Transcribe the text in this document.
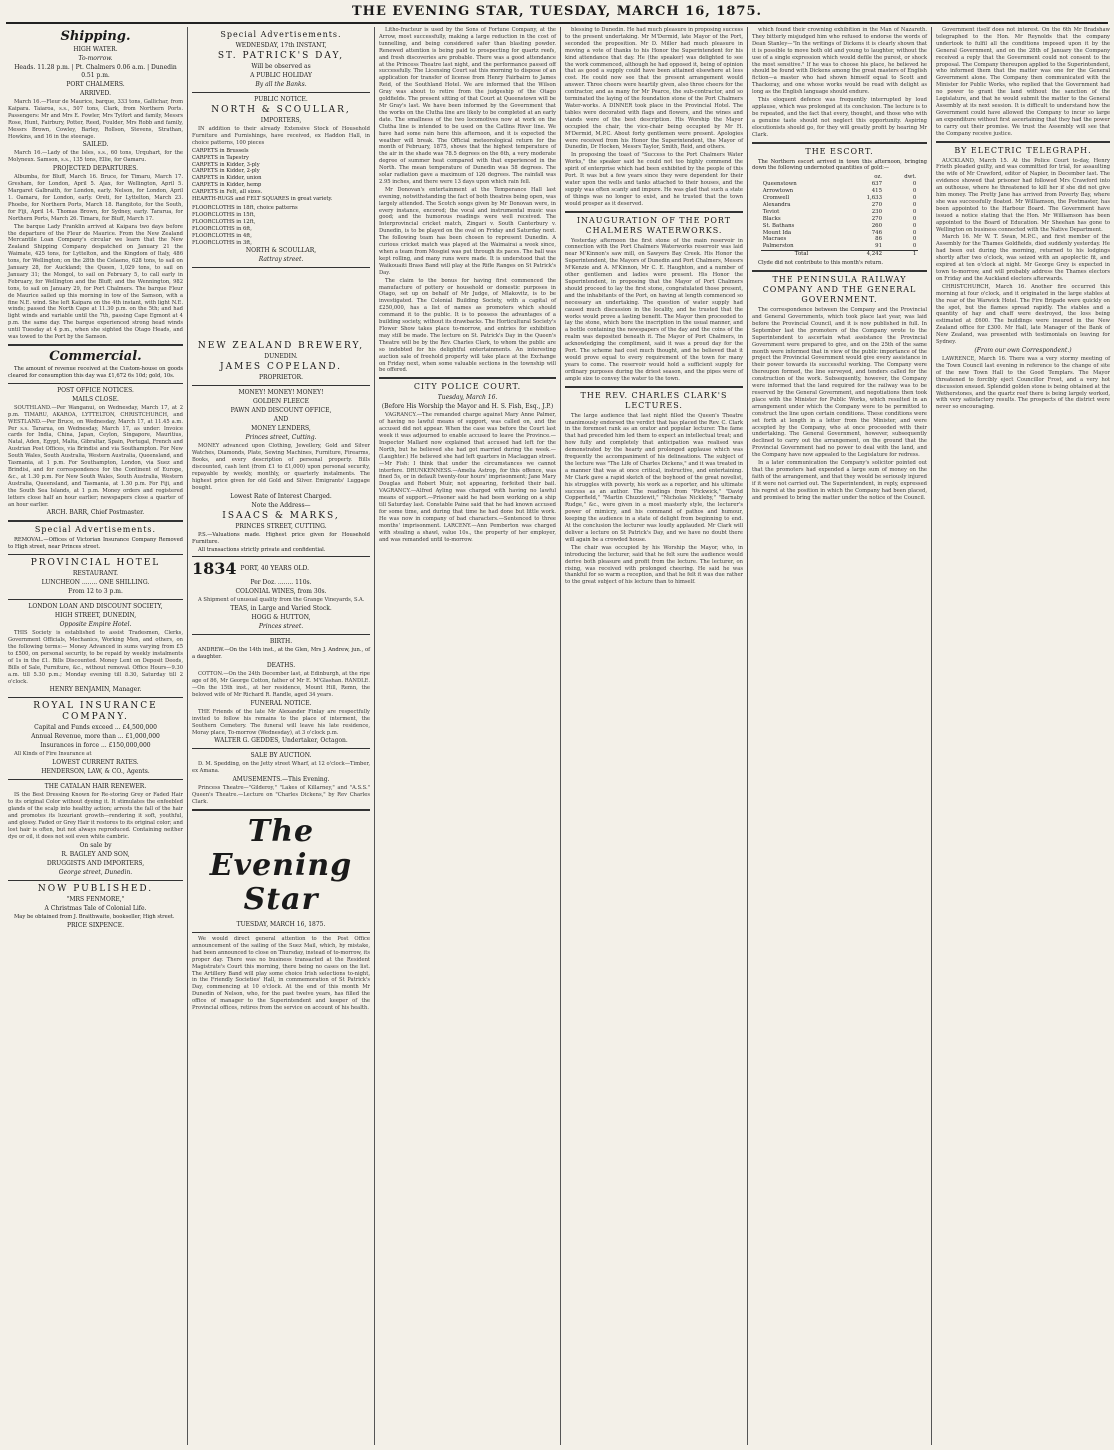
THE EVENING STAR, TUESDAY, MARCH 16, 1875.
Shipping.
HIGH WATER.
To-morrow.
Heads. 11.28 p.m. | Pt. Chalmers 0.06 a.m. | Dunedin 0.51 p.m.
PORT CHALMERS.
ARRIVED.

March 16.—Fleur de Maurice, barque, 333 tons, Gallichar, from Kaipara. Taiaroa, s.s., 507 tons, Clark, from Northern Ports. Passengers: Mr and Mrs E. Fowler, Mrs Tylfort and family, Messrs Rose, Hunt, Fairbury, Potter, Reed, Foulder, Mrs Robb and family, Messrs Brown, Cowley, Barley, Rollson, Stevens, Strathan, Howkins, and 16 in the steerage.

SAILED.

March 16.—Lady of the Isles, s.s., 60 tons, Urquhart, for the Molyneux. Samson, s.s., 135 tons, Ellie, for Oamaru.

PROJECTED DEPARTURES.

Albumba, for Bluff, March 16. Bruce, for Timaru, March 17. Gresham, for London, April 5. Ajax, for Wellington, April 5. Margaret Galbraith, for London, early. Nelson, for London, April 1. Oamaru, for London, early. Oreti, for Lyttelton, March 23. Phoebe, for Northern Ports, March 18. Rangitoto, for the South, for Fiji, April 14. Thomas Brown, for Sydney, early. Tararua, for Northern Ports, March 26. Timaru, for Bluff, March 17.

The barque Lady Franklin arrived at Kaipara two days before the departure of the Fleur de Maurice. From the New Zealand Mercantile Loan Company's circular we learn that the New Zealand Shipping Company despatched on January 21 the Waimate, 425 tons, for Lyttelton, and the Kingdom of Italy, 486 tons, for Wellington; on the 28th the Celaeno, 628 tons, to sail on January 28, for Auckland; the Queen, 1,029 tons, to sail on January 31; the Mongol, to sail on February 5, to call early in February, for Wellington and the Bluff; and the Wennington, 982 tons, to sail on January 29, for Port Chalmers. The barque Fleur de Maurice sailed up this morning in tow of the Samson, with a fine N.E. wind. She left Kaipara on the 4th instant, with light N.E. winds; passed the North Cape at 11.30 p.m. on the 5th; and had light winds and variable until the 7th, passing Cape Egmont at 4 p.m. the same day. The barque experienced strong head winds until Tuesday at 4 p.m., when she sighted the Otago Heads, and was towed to the Port by the Samson.

Commercial.

The amount of revenue received at the Custom-house on goods cleared for consumption this day was £1,672 6s 10d; gold, 10s.

POST OFFICE NOTICES.
MAILS CLOSE.

SOUTHLAND.—Per Wanganui, on Wednesday, March 17, at 2 p.m. TIMARU, AKAROA, LYTTELTON, CHRISTCHURCH, and WESTLAND.—Per Bruce, on Wednesday, March 17, at 11.45 a.m. Per s.s. Tararua, on Wednesday, March 17, as under: Invoice cards for India, China, Japan, Ceylon, Singapore, Mauritius, Natal, Aden, Egypt, Malta, Gibraltar, Spain, Portugal, French and Austrian Post Offices, via Brindisi and via Southampton. For New South Wales, South Australia, Western Australia, Queensland, and Tasmania, at 1 p.m. For Southampton, London, via Suez and Brindisi, and for correspondence for the Continent of Europe, &c., at 1.30 p.m. For New South Wales, South Australia, Western Australia, Queensland, and Tasmania, at 1.30 p.m. For Fiji, and the South Sea Islands, at 1 p.m. Money orders and registered letters close half an hour earlier; newspapers close a quarter of an hour earlier.

ARCH. BARR, Chief Postmaster.
Special Advertisements.

REMOVAL.—Offices of Victorian Insurance Company Removed to High street, near Princes street.

PROVINCIAL HOTEL
RESTAURANT.
LUNCHEON ........ ONE SHILLING.
From 12 to 3 p.m.
LONDON LOAN AND DISCOUNT SOCIETY,
HIGH STREET, DUNEDIN,
Opposite Empire Hotel.

THIS Society is established to assist Tradesmen, Clerks, Government Officials, Mechanics, Working Men, and others, on the following terms:— Money Advanced in sums varying from £5 to £500, on personal security, to be repaid by weekly instalments of 1s in the £1. Bills Discounted. Money Lent on Deposit Deeds, Bills of Sale, Furniture, &c., without removal. Office Hours—9.30 a.m. till 5.30 p.m.; Monday evening till 8.30, Saturday till 2 o'clock.

HENRY BENJAMIN, Manager.
ROYAL INSURANCE COMPANY.
Capital and Funds exceed ... £4,500,000
Annual Revenue, more than ... £1,000,000
Insurances in force ... £150,000,000

All Kinds of Fire Insurance at

LOWEST CURRENT RATES.
HENDERSON, LAW, & CO., Agents.
THE CATALAN HAIR RENEWER.

IS the Best Dressing Known for Re-storing Grey or Faded Hair to its original Color without dyeing it. It stimulates the enfeebled glands of the scalp into healthy action; arrests the fall of the hair and promotes its luxuriant growth—rendering it soft, youthful, and glossy. Faded or Grey Hair it restores to its original color; and lost hair is often, but not always reproduced. Containing neither dye or oil, it does not soil even white cambric.

On sale by
R. BAGLEY AND SON,
DRUGGISTS AND IMPORTERS,
George street, Dunedin.
NOW PUBLISHED.
"MRS FENMORE,"
A Christmas Tale of Colonial Life.

May be obtained from J. Braithwaite, bookseller, High street.

PRICE SIXPENCE.
Special Advertisements.
WEDNESDAY, 17th INSTANT,
ST. PATRICK'S DAY,
Will be observed as
A PUBLIC HOLIDAY
By all the Banks.
PUBLIC NOTICE.
NORTH & SCOULLAR,
IMPORTERS,

IN addition to their already Extensive Stock of Household Furniture and Furnishings, have received, ex Haddon Hall, in choice patterns, 100 pieces

CARPETS in Brussels
CARPETS in Tapestry
CARPETS in Kidder, 3-ply
CARPETS in Kidder, 2-ply
CARPETS in Kidder, union
CARPETS in Kidder, hemp
CARPETS in Felt, all sizes.
HEARTH-RUGS and FELT SQUARES in great variety.
FLOORCLOTHS in 18ft, choice patterns
FLOORCLOTHS in 15ft,
FLOORCLOTHS in 12ft,
FLOORCLOTHS in 6ft,
FLOORCLOTHS in 4ft,
FLOORCLOTHS in 3ft,
NORTH & SCOULLAR,
Rattray street.
NEW ZEALAND BREWERY,
DUNEDIN.
JAMES COPELAND.
PROPRIETOR.
MONEY! MONEY! MONEY!
GOLDEN FLEECE
PAWN AND DISCOUNT OFFICE,
AND
MONEY LENDERS,
Princes street, Cutting.

MONEY advanced upon Clothing, Jewellery, Gold and Silver Watches, Diamonds, Plate, Sewing Machines, Furniture, Firearms, Books, and every description of personal property. Bills discounted, cash lent (from £1 to £1,000) upon personal security, repayable by weekly, monthly, or quarterly instalments. The highest price given for old Gold and Silver. Emigrants' Luggage bought.

Lowest Rate of Interest Charged.
Note the Address—
ISAACS & MARKS,
PRINCES STREET, CUTTING.

P.S.—Valuations made. Highest price given for Household Furniture.

All transactions strictly private and confidential.

1834 PORT, 40 YEARS OLD.
Per Doz. ........ 110s.
COLONIAL WINES, from 30s.

A Shipment of unusual quality from the Grange Vineyards, S.A.

TEAS, in Large and Varied Stock.
HOGG & HUTTON,
Princes street.
BIRTH.

ANDREW.—On the 14th inst., at the Glen, Mrs J. Andrew, jun., of a daughter.

DEATHS.

COTTON.—On the 24th December last, at Edinburgh, at the ripe age of 86, Mr George Cotton, father of Mr E. M'Glashan. RANDLE.—On the 15th inst., at her residence, Mount Hill, Remn, the beloved wife of Mr Richard R. Randle, aged 34 years.

FUNERAL NOTICE.

THE Friends of the late Mr Alexander Finlay are respectfully invited to follow his remains to the place of interment, the Southern Cemetery. The funeral will leave his late residence, Moray place, To-morrow (Wednesday), at 3 o'clock p.m.

WALTER G. GEDDES, Undertaker, Octagon.
SALE BY AUCTION.

D. M. Spedding, on the Jetty street Wharf, at 12 o'clock—Timber, ex Amana.

AMUSEMENTS.—This Evening.

Princess Theatre—"Gilderoy," "Lakes of Killarney," and "A.S.S." Queen's Theatre.—Lecture on "Charles Dickens," by Rev Charles Clark.

The Evening Star
TUESDAY, MARCH 16, 1875.

We would direct general attention to the Post Office announcement of the sailing of the Suez Mail, which, by mistake, had been announced to close on Thursday, instead of to-morrow, its proper day. There was no business transacted at the Resident Magistrate's Court this morning, there being no cases on the list. The Artillery Band will play some choice Irish selections to-night, in the Friendly Societies' Hall, in commemoration of St Patrick's Day, commencing at 10 o'clock. At the end of this month Mr Dunedin of Nelson, who, for the past twelve years, has filled the office of manager to the Superintendent and keeper of the Provincial offices, retires from the service on account of his health.

Litho-fracteur is used by the Sons of Fortune Company, at the Arrow, most successfully, making a large reduction in the cost of tunnelling, and being considered safer than blasting powder. Renewed attention is being paid to prospecting for quartz reefs, and fresh discoveries are probable. There was a good attendance at the Princess Theatre last night, and the performance passed off successfully. The Licensing Court sat this morning to dispose of an application for transfer of license from Henry Fairbairn to James Reid, of the Southland Hotel. We are informed that the Wilson Gray was about to retire from the judgeship of the Otago goldfields. The present sitting of that Court at Queenstown will be Mr Gray's last. We have been informed by the Government that the works on the Clutha line are likely to be completed at an early date. The smallness of the two locomotives now at work on the Clutha line is intended to be used on the Catlins River line. We have had some rain here this afternoon, and it is expected the weather will break. The Official meteorological return for the month of February, 1875, shows that the highest temperature of the air in the shade was 78.5 degrees on the 6th, a very moderate degree of summer heat compared with that experienced in the North. The mean temperature of Dunedin was 58 degrees. The solar radiation gave a maximum of 126 degrees. The rainfall was 2.95 inches, and there were 13 days upon which rain fell.

Mr Donovan's entertainment at the Temperance Hall last evening, notwithstanding the fact of both theatres being open, was largely attended. The Scotch songs given by Mr Donovan were, in every instance, encored; the vocal and instrumental music was good; and the humorous readings were well received. The Interprovincial cricket match, Zingari v. South Canterbury v. Dunedin, is to be played on the oval on Friday and Saturday next. The following team has been chosen to represent Dunedin. A curious cricket match was played at the Waimairai a week since, when a team from Mosgiel was put through its paces. The ball was kept rolling, and many runs were made. It is understood that the Waikouaiti Brass Band will play at the Rifle Ranges on St Patrick's Day.

The claim to the bonus for having first commenced the manufacture of pottery or household or domestic purposes in Otago, set up on behalf of Mr Judge, of Mlakovitz, is to be investigated. The Colonial Building Society, with a capital of £250,000, has a list of names as promoters which should command it to the public. It is to possess the advantages of a building society, without its drawbacks. The Horticultural Society's Flower Show takes place to-morrow, and entries for exhibition may still be made. The lecture on St. Patrick's Day in the Queen's Theatre will be by the Rev. Charles Clark, to whom the public are so indebted for his delightful entertainments. An interesting auction sale of freehold property will take place at the Exchange on Friday next, when some valuable sections in the township will be offered.

CITY POLICE COURT.
Tuesday, March 16.
(Before His Worship the Mayor and H. S. Fish, Esq., J.P.)

VAGRANCY.—The remanded charge against Mary Anne Palmer, of having no lawful means of support, was called on, and the accused did not appear. When the case was before the Court last week it was adjourned to enable accused to leave the Province.—Inspector Mallard now explained that accused had left for the North, but he believed she had got married during the week.—(Laughter.) He believed she had left quarters in Maclaggan street.—Mr Fish: I think that under the circumstances we cannot interfere. DRUNKENNESS.—Amelia Astrop, for this offence, was fined 5s, or in default twenty-four hours' imprisonment; Jane Mary Douglas and Robert Muir, not appearing, forfeited their bail. VAGRANCY.—Alfred Ayling was charged with having no lawful means of support.—Prisoner said he had been working on a ship till Saturday last. Constable Paine said that he had known accused for some time, and during that time he had done but little work. He was now in company of bad characters.—Sentenced to three months' imprisonment. LARCENY.—Ann Pemberton was charged with stealing a shawl, value 10s., the property of her employer, and was remanded until to-morrow.

blessing to Dunedin. He had much pleasure in proposing success to the present undertaking. Mr M'Dermid, late Mayor of the Port, seconded the proposition. Mr D. Miller had much pleasure in moving a vote of thanks to his Honor the Superintendent for his kind attendance that day. He (the speaker) was delighted to see the work commenced, although he had opposed it, being of opinion that as good a supply could have been attained elsewhere at less cost. He could now see that the present arrangement would answer. Three cheers were heartily given, also three cheers for the contractor, and as many for Mr Pearce, the sub-contractor, and so terminated the laying of the foundation stone of the Port Chalmers Water-works. A DINNER took place in the Provincial Hotel. The tables were decorated with flags and flowers, and the wines and viands were of the best description. His Worship the Mayor occupied the chair, the vice-chair being occupied by Mr H. M'Dermid, M.P.C. About forty gentlemen were present. Apologies were received from his Honor the Superintendent, the Mayor of Dunedin, Dr Hocken, Messrs Taylor, Smith, Reid, and others.

In proposing the toast of "Success to the Port Chalmers Water Works," the speaker said he could not too highly commend the spirit of enterprise which had been exhibited by the people of this Port. It was but a few years since they were dependent for their water upon the wells and tanks attached to their houses, and the supply was often scanty and impure. He was glad that such a state of things was no longer to exist, and he trusted that the town would prosper as it deserved.

INAUGURATION OF THE PORT CHALMERS WATERWORKS.

Yesterday afternoon the first stone of the main reservoir in connection with the Port Chalmers Waterworks reservoir was laid near M'Kinnon's saw mill, on Sawyers Bay Creek. His Honor the Superintendent, the Mayors of Dunedin and Port Chalmers, Messrs M'Kenzie and A. M'Kinnon, Mr C. E. Haughton, and a number of other gentlemen and ladies were present. His Honor the Superintendent, in proposing that the Mayor of Port Chalmers should proceed to lay the first stone, congratulated those present, and the inhabitants of the Port, on having at length commenced so necessary an undertaking. The question of water supply had caused much discussion in the locality, and he trusted that the works would prove a lasting benefit. The Mayor then proceeded to lay the stone, which bore the inscription in the usual manner, and a bottle containing the newspapers of the day and the coins of the realm was deposited beneath it. The Mayor of Port Chalmers, in acknowledging the compliment, said it was a proud day for the Port. The scheme had cost much thought, and he believed that it would prove equal to every requirement of the town for many years to come. The reservoir would hold a sufficient supply for ordinary purposes during the driest season, and the pipes were of ample size to convey the water to the town.

THE REV. CHARLES CLARK'S LECTURES.

The large audience that last night filled the Queen's Theatre unanimously endorsed the verdict that has placed the Rev. C. Clark in the foremost rank as an orator and popular lecturer. The fame that had preceded him led them to expect an intellectual treat; and how fully and completely that anticipation was realised was demonstrated by the hearty and prolonged applause which was frequently the accompaniment of his delineations. The subject of the lecture was "The Life of Charles Dickens," and it was treated in a manner that was at once critical, instructive, and entertaining. Mr Clark gave a rapid sketch of the boyhood of the great novelist, his struggles with poverty, his work as a reporter, and his ultimate success as an author. The readings from "Pickwick," "David Copperfield," "Martin Chuzzlewit," "Nicholas Nickleby," "Barnaby Rudge," &c., were given in a most masterly style, the lecturer's power of mimicry, and his command of pathos and humour, keeping the audience in a state of delight from beginning to end. At the conclusion the lecturer was loudly applauded. Mr Clark will deliver a lecture on St Patrick's Day, and we have no doubt there will again be a crowded house.

The chair was occupied by his Worship the Mayor, who, in introducing the lecturer, said that he felt sure the audience would derive both pleasure and profit from the lecture. The lecturer, on rising, was received with prolonged cheering. He said he was thankful for so warm a reception, and that he felt it was due rather to the great subject of his lecture than to himself.

which found their crowning exhibition in the Man of Nazareth. They bitterly misjudged him who refused to endorse the words of Dean Stanley—"In the writings of Dickens it is clearly shown that it is possible to move both old and young to laughter, without the use of a single expression which would defile the purest, or shock the most sensitive." If he was to choose his place, he believed he should be found with Dickens among the great masters of English fiction—a master who had shown himself equal to Scott and Thackeray, and one whose works would be read with delight as long as the English language should endure.

This eloquent defence was frequently interrupted by loud applause, which was prolonged at its conclusion. The lecture is to be repeated, and the fact that every, thought, and those who with a genuine taste should not neglect this opportunity. Aspiring elocutionists should go, for they will greatly profit by hearing Mr Clark.

THE ESCORT.

The Northern escort arrived in town this afternoon, bringing down the following undernoted quantities of gold:—

	oz.	dwt.
Queenstown	637	0
Arrowtown	415	0
Cromwell	1,633	0
Alexandra	270	0
Teviot	230	0
Blacks	270	0
St. Bathans	260	0
Mount Ida	746	0
Macraes	86	0
Palmerston	91	0
Total	4,242	1

Clyde did not contribute to this month's return.

THE PENINSULA RAILWAY COMPANY AND THE GENERAL GOVERNMENT.

The correspondence between the Company and the Provincial and General Governments, which took place last year, was laid before the Provincial Council, and it is now published in full. In September last the promoters of the Company wrote to the Superintendent to ascertain what assistance the Provincial Government were prepared to give, and on the 25th of the same month were informed that in view of the public importance of the project the Provincial Government would give every assistance in their power towards its successful working. The Company were thereupon formed, the line surveyed, and tenders called for the construction of the work. Subsequently, however, the Company were informed that the land required for the railway was to be reserved by the General Government, and negotiations then took place with the Minister for Public Works, which resulted in an arrangement under which the Company were to be permitted to construct the line upon certain conditions. These conditions were set forth at length in a letter from the Minister, and were accepted by the Company, who at once proceeded with their undertaking. The General Government, however, subsequently declined to carry out the arrangement, on the ground that the Provincial Government had no power to deal with the land, and the Company have now appealed to the Legislature for redress.

In a later communication the Company's solicitor pointed out that the promoters had expended a large sum of money on the faith of the arrangement, and that they would be seriously injured if it were not carried out. The Superintendent, in reply, expressed his regret at the position in which the Company had been placed, and promised to bring the matter under the notice of the Council.

Government itself does not interest. On the 6th Mr Bradshaw telegraphed to the Hon. Mr Reynolds that the company undertook to fulfil all the conditions imposed upon it by the General Government, and on the 28th of January the Company received a reply that the Government could not consent to the proposal. The Company thereupon applied to the Superintendent, who informed them that the matter was one for the General Government alone. The Company then communicated with the Minister for Public Works, who replied that the Government had no power to grant the land without the sanction of the Legislature, and that he would submit the matter to the General Assembly at its next session. It is difficult to understand how the Government could have allowed the Company to incur so large an expenditure without first ascertaining that they had the power to carry out their promise. We trust the Assembly will see that the Company receive justice.

BY ELECTRIC TELEGRAPH.

AUCKLAND, March 15. At the Police Court to-day, Henry Frieth pleaded guilty, and was committed for trial, for assaulting the wife of Mr Crawford, editor of Napier, in December last. The evidence showed that prisoner had followed Mrs Crawford into an outhouse, where he threatened to kill her if she did not give him money. The Pretty Jane has arrived from Poverty Bay, where she was successfully floated. Mr Williamson, the Postmaster, has been appointed to the Harbour Board. The Government have issued a notice stating that the Hon. Mr Williamson has been appointed to the Board of Education. Mr Sheehan has gone to Wellington on business connected with the Native Department.

March 16. Mr W. T. Swan, M.P.C., and first member of the Assembly for the Thames Goldfields, died suddenly yesterday. He had been out during the morning, returned to his lodgings shortly after two o'clock, was seized with an apoplectic fit, and expired at ten o'clock at night. Mr George Grey is expected in town to-morrow, and will probably address the Thames electors on Friday and the Auckland electors afterwards.

CHRISTCHURCH, March 16. Another fire occurred this morning at four o'clock, and it originated in the large stables at the rear of the Warwick Hotel. The Fire Brigade were quickly on the spot, but the flames spread rapidly. The stables and a quantity of hay and chaff were destroyed, the loss being estimated at £600. The buildings were insured in the New Zealand office for £300. Mr Hall, late Manager of the Bank of New Zealand, was presented with testimonials on leaving for Sydney.

(From our own Correspondent.)

LAWRENCE, March 16. There was a very stormy meeting of the Town Council last evening in reference to the change of site of the new Town Hall to the Good Templars. The Mayor threatened to forcibly eject Councillor Frost, and a very hot discussion ensued. Splendid golden stone is being obtained at the Wetherstones, and the quartz reef there is being largely worked, with very satisfactory results. The prospects of the district were never so encouraging.
